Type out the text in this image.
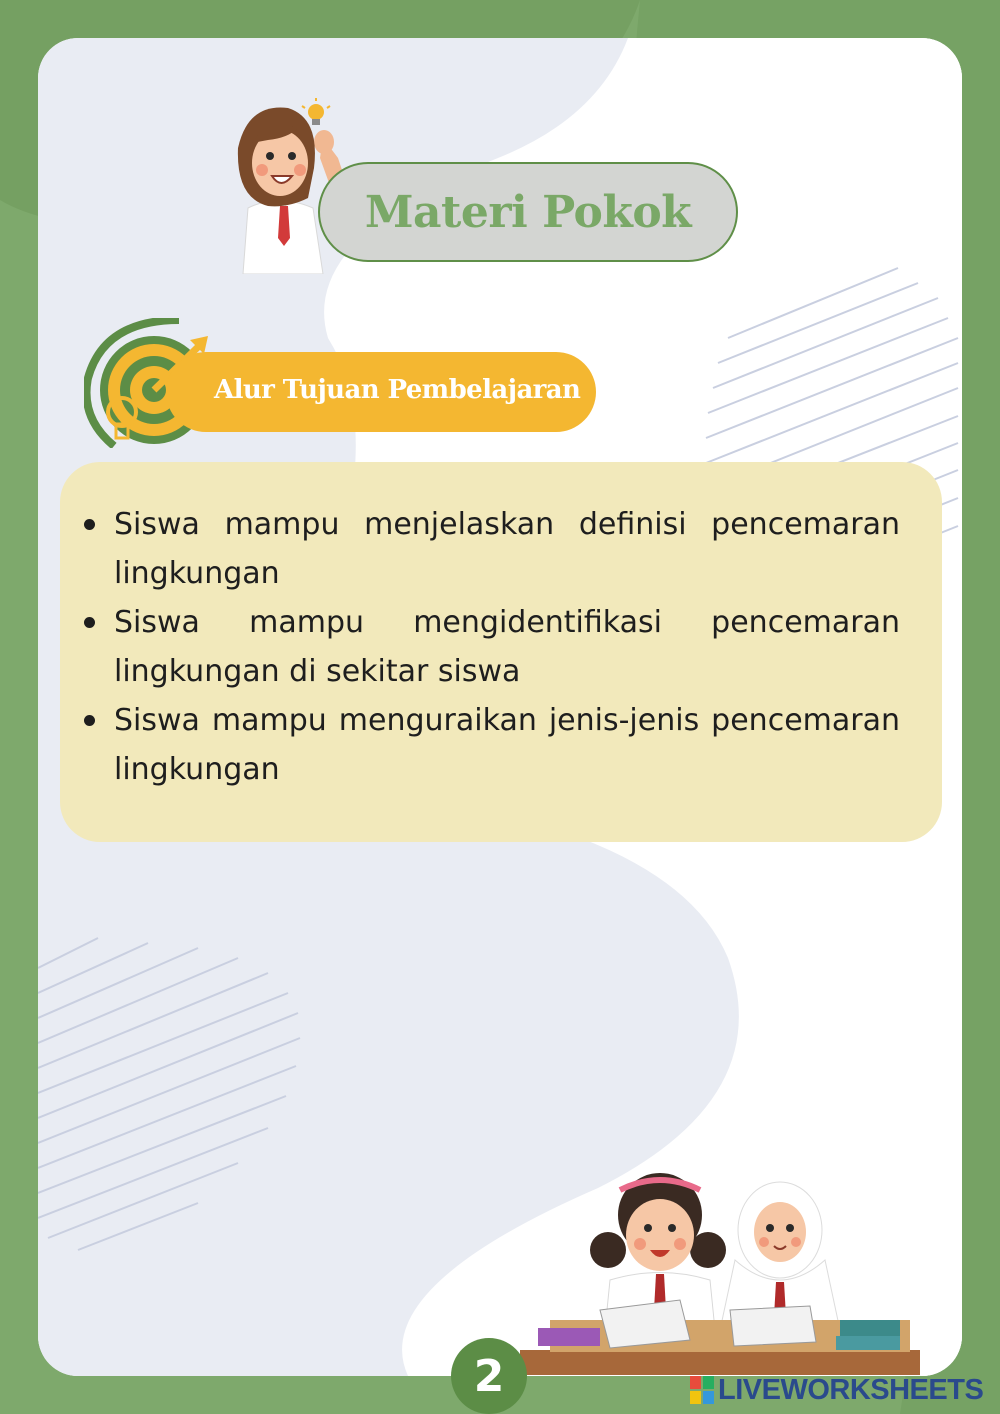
Materi Pokok
Alur Tujuan Pembelajaran
Siswa mampu menjelaskan definisi pencemaran lingkungan
Siswa mampu mengidentifikasi pencemaran lingkungan di sekitar siswa
Siswa mampu menguraikan jenis-jenis pencemaran lingkungan
2	LIVEWORKSHEETS
